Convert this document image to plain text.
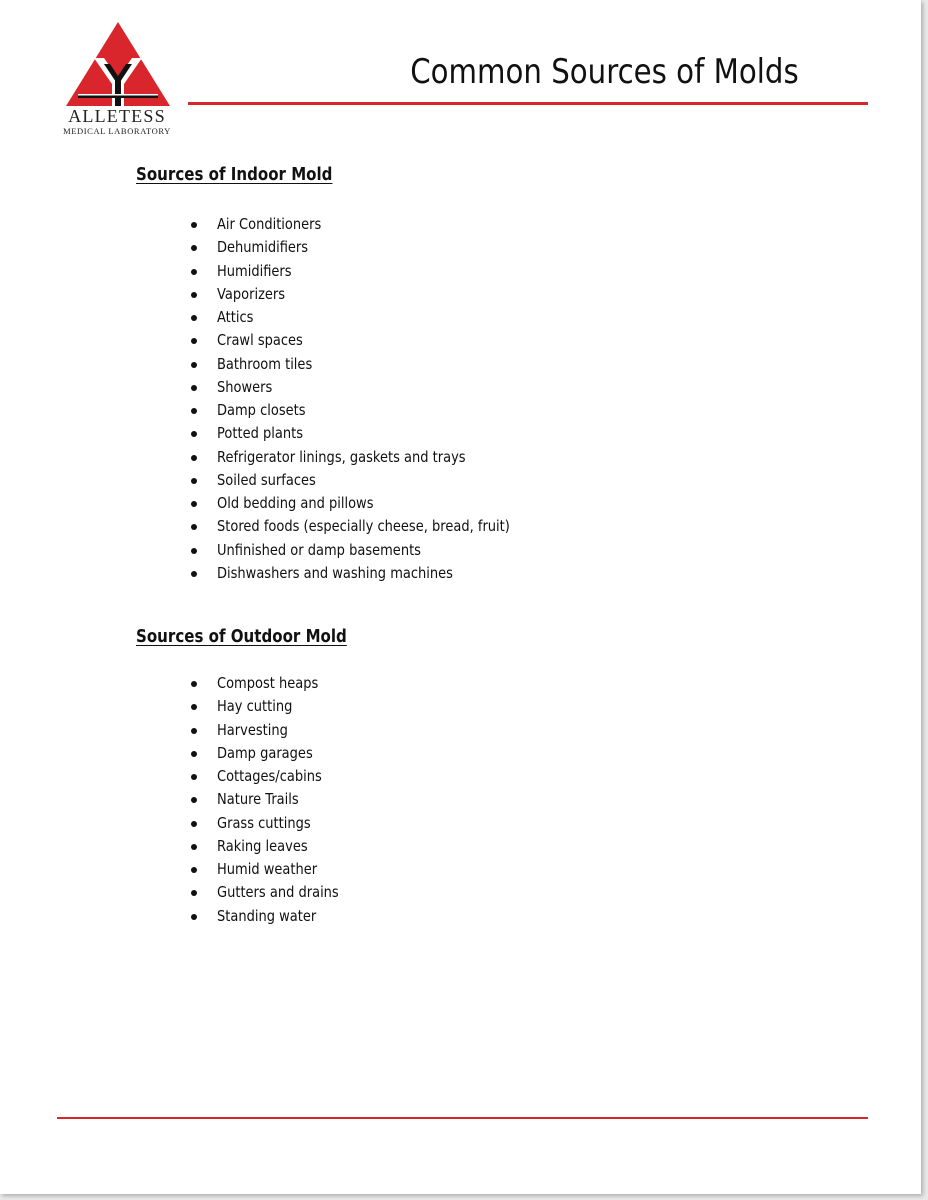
ALLETESS
MEDICAL LABORATORY
Common Sources of Molds
Sources of Indoor Mold
Air Conditioners
Dehumidifiers
Humidifiers
Vaporizers
Attics
Crawl spaces
Bathroom tiles
Showers
Damp closets
Potted plants
Refrigerator linings, gaskets and trays
Soiled surfaces
Old bedding and pillows
Stored foods (especially cheese, bread, fruit)
Unfinished or damp basements
Dishwashers and washing machines
Sources of Outdoor Mold
Compost heaps
Hay cutting
Harvesting
Damp garages
Cottages/cabins
Nature Trails
Grass cuttings
Raking leaves
Humid weather
Gutters and drains
Standing water
